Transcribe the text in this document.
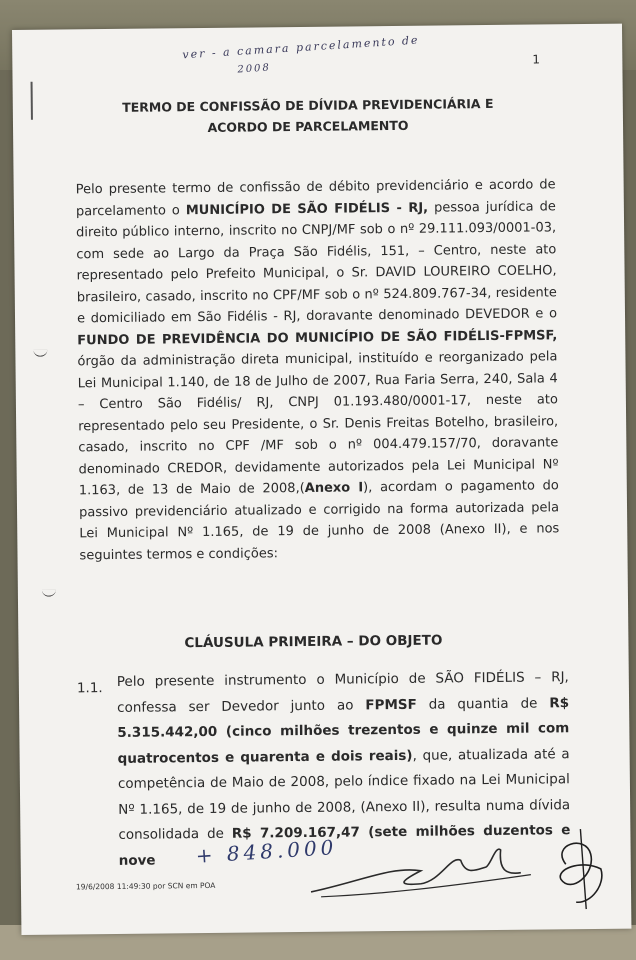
ver - a camara parcelamento de
2008
1
TERMO DE CONFISSÃO DE DÍVIDA PREVIDENCIÁRIA E
ACORDO DE PARCELAMENTO
Pelo presente termo de confissão de débito previdenciário e acordo de parcelamento o MUNICÍPIO DE SÃO FIDÉLIS - RJ, pessoa jurídica de direito público interno, inscrito no CNPJ/MF sob o nº 29.111.093/0001-03, com sede ao Largo da Praça São Fidélis, 151, – Centro, neste ato representado pelo Prefeito Municipal, o Sr. DAVID LOUREIRO COELHO, brasileiro, casado, inscrito no CPF/MF sob o nº 524.809.767-34, residente e domiciliado em São Fidélis - RJ, doravante denominado DEVEDOR e o FUNDO DE PREVIDÊNCIA DO MUNICÍPIO DE SÃO FIDÉLIS-FPMSF, órgão da administração direta municipal, instituído e reorganizado pela Lei Municipal 1.140, de 18 de Julho de 2007, Rua Faria Serra, 240, Sala 4 – Centro São Fidélis/ RJ, CNPJ 01.193.480/0001-17, neste ato representado pelo seu Presidente, o Sr. Denis Freitas Botelho, brasileiro, casado, inscrito no CPF /MF sob o nº 004.479.157/70, doravante denominado CREDOR, devidamente autorizados pela Lei Municipal Nº 1.163, de 13 de Maio de 2008,(Anexo I), acordam o pagamento do passivo previdenciário atualizado e corrigido na forma autorizada pela Lei Municipal Nº 1.165, de 19 de junho de 2008 (Anexo II), e nos seguintes termos e condições:
CLÁUSULA PRIMEIRA – DO OBJETO
1.1. Pelo presente instrumento o Município de SÃO FIDÉLIS – RJ, confessa ser Devedor junto ao FPMSF da quantia de R$ 5.315.442,00 (cinco milhões trezentos e quinze mil com quatrocentos e quarenta e dois reais), que, atualizada até a competência de Maio de 2008, pelo índice fixado na Lei Municipal Nº 1.165, de 19 de junho de 2008, (Anexo II), resulta numa dívida consolidada de R$ 7.209.167,47 (sete milhões duzentos e nove	+ 848.000
19/6/2008 11:49:30 por SCN em POA
